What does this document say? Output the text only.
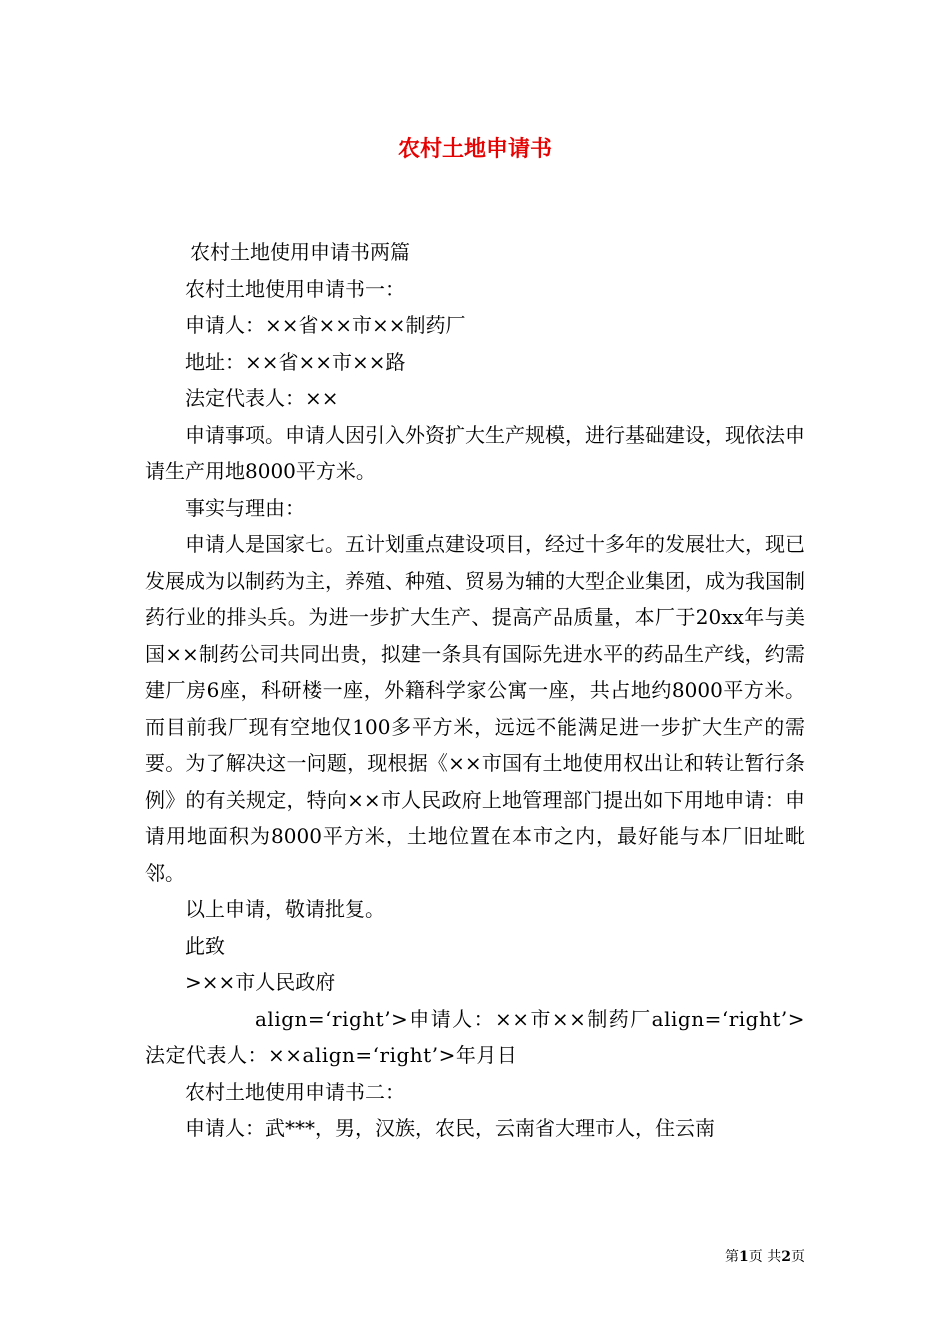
农村土地申请书

农村土地使用申请书两篇

农村土地使用申请书一：

申请人：××省××市××制药厂

地址：××省××市××路

法定代表人：××

申请事项。申请人因引入外资扩大生产规模，进行基础建设，现依法申请生产用地8000平方米。

事实与理由：

申请人是国家七。五计划重点建设项目，经过十多年的发展壮大，现已发展成为以制药为主，养殖、种殖、贸易为辅的大型企业集团，成为我国制药行业的排头兵。为进一步扩大生产、提高产品质量，本厂于20xx年与美国××制药公司共同出贵，拟建一条具有国际先进水平的药品生产线，约需建厂房6座，科研楼一座，外籍科学家公寓一座，共占地约8000平方米。而目前我厂现有空地仅100多平方米，远远不能满足进一步扩大生产的需要。为了解决这一问题，现根据《××市国有土地使用权出让和转让暂行条例》的有关规定，特向××市人民政府上地管理部门提出如下用地申请：申请用地面积为8000平方米，土地位置在本市之内，最好能与本厂旧址毗邻。

以上申请，敬请批复。

此致

>××市人民政府

align=‘right’>申请人：××市××制药厂align=‘right’>法定代表人：××align=‘right’>年月日

农村土地使用申请书二：

申请人：武***，男，汉族，农民，云南省大理市人，住云南

第1页 共2页
